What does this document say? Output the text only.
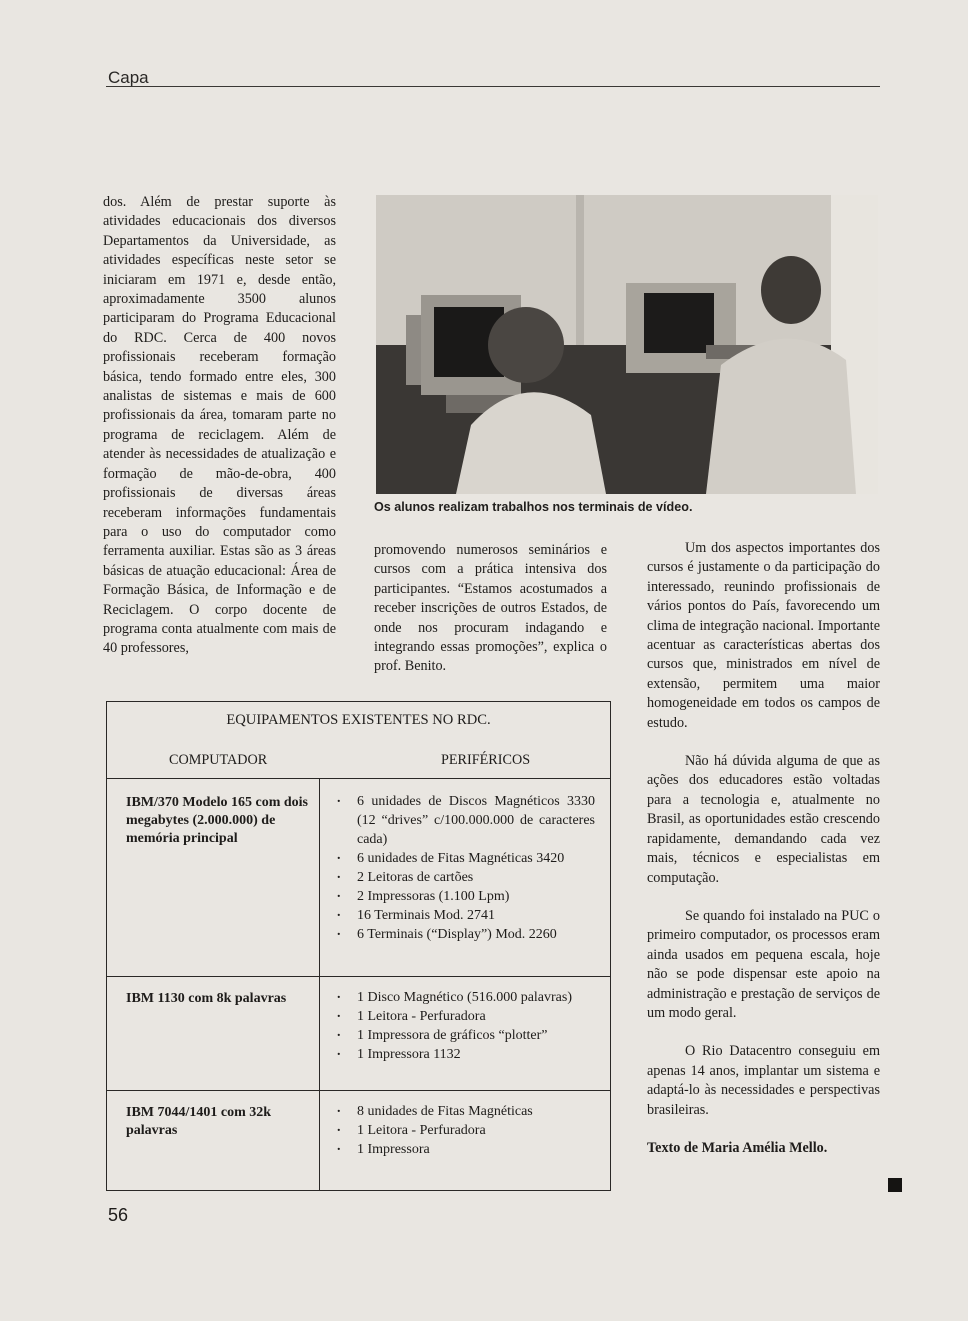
Capa

dos. Além de prestar suporte às atividades educacionais dos diversos Departamentos da Universidade, as atividades específicas neste setor se iniciaram em 1971 e, desde então, aproximadamente 3500 alunos participaram do Programa Educacional do RDC. Cerca de 400 novos profissionais receberam formação básica, tendo formado entre eles, 300 analistas de sistemas e mais de 600 profissionais da área, tomaram parte no programa de reciclagem. Além de atender às necessidades de atualização e formação de mão-de-obra, 400 profissionais de diversas áreas receberam informações fundamentais para o uso do computador como ferramenta auxiliar. Estas são as 3 áreas básicas de atuação educacional: Área de Formação Básica, de Informação e de Reciclagem. O corpo docente de programa conta atualmente com mais de 40 professores,

Os alunos realizam trabalhos nos terminais de vídeo.

promovendo numerosos seminários e cursos com a prática intensiva dos participantes. “Estamos acostumados a receber inscrições de outros Estados, de onde nos procuram indagando e integrando essas promoções”, explica o prof. Benito.

Um dos aspectos importantes dos cursos é justamente o da participação do interessado, reunindo profissionais de vários pontos do País, favorecendo um clima de integração nacional. Importante acentuar as características abertas dos cursos que, ministrados em nível de extensão, permitem uma maior homogeneidade em todos os campos de estudo.

Não há dúvida alguma de que as ações dos educadores estão voltadas para a tecnologia e, atualmente no Brasil, as oportunidades estão crescendo rapidamente, demandando cada vez mais, técnicos e especialistas em computação.

Se quando foi instalado na PUC o primeiro computador, os processos eram ainda usados em pequena escala, hoje não se pode dispensar este apoio na administração e prestação de serviços de um modo geral.

O Rio Datacentro conseguiu em apenas 14 anos, implantar um sistema e adaptá-lo às necessidades e perspectivas brasileiras.

Texto de Maria Amélia Mello.

EQUIPAMENTOS EXISTENTES NO RDC.
COMPUTADOR	PERIFÉRICOS
IBM/370 Modelo 165 com dois megabytes (2.000.000) de memória principal
. 6 unidades de Discos Magnéticos 3330 (12 “drives” c/100.000.000 de caracteres cada)
. 6 unidades de Fitas Magnéticas 3420
. 2 Leitoras de cartões
. 2 Impressoras (1.100 Lpm)
. 16 Terminais Mod. 2741
. 6 Terminais (“Display”) Mod. 2260
IBM 1130 com 8k palavras
.	1 Disco Magnético (516.000 palavras)
. 1 Leitora - Perfuradora
. 1 Impressora de gráficos “plotter”
. 1 Impressora 1132
IBM 7044/1401 com 32k palavras
. 8 unidades de Fitas Magnéticas
. 1 Leitora - Perfuradora
. 1 Impressora
56
